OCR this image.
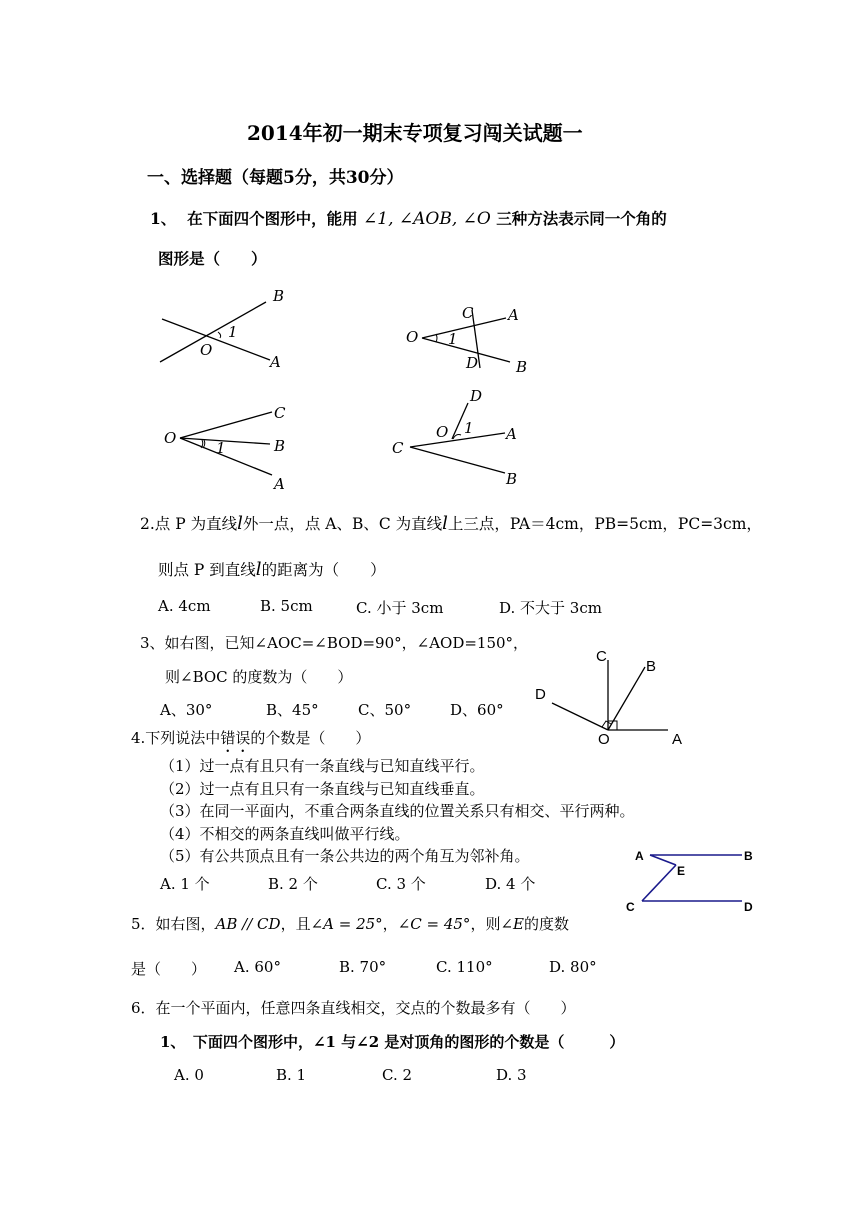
2014年初一期末专项复习闯关试题一
一、选择题（每题5分，共30分）
1、 在下面四个图形中，能用 ∠1, ∠AOB, ∠O 三种方法表示同一个角的
图形是（　　）
B
O
1
A
O
C A
1
D	B
O
C
B
1
A
D
O 1 A
C
B
2.点 P 为直线l外一点，点 A、B、C 为直线l上三点，PA＝4cm，PB=5cm，PC=3cm，
则点 P 到直线l的距离为（　　）
A. 4cm	B. 5cm	C. 小于 3cm	D. 不大于 3cm
3、如右图，已知∠AOC=∠BOD=90°，∠AOD=150°，
则∠BOC 的度数为（　　）
A、30°	B、45°	C、50°	D、60°
C
B
D
O	A
4.下列说法中错误的个数是（　　）
（1）过一点有且只有一条直线与已知直线平行。
（2）过一点有且只有一条直线与已知直线垂直。
（3）在同一平面内，不重合两条直线的位置关系只有相交、平行两种。
（4）不相交的两条直线叫做平行线。
（5）有公共顶点且有一条公共边的两个角互为邻补角。
A. 1 个	B. 2 个	C. 3 个	D. 4 个
A	B
E
C	D
5．如右图，AB // CD，且∠A = 25°，∠C = 45°，则∠E的度数
是（　　） A. 60°	B. 70°	C. 110°	D. 80°
6．在一个平面内，任意四条直线相交，交点的个数最多有（　　）
1、　下面四个图形中，∠1 与∠2 是对顶角的图形的个数是（　　　）
A. 0	B. 1	C. 2	D. 3
